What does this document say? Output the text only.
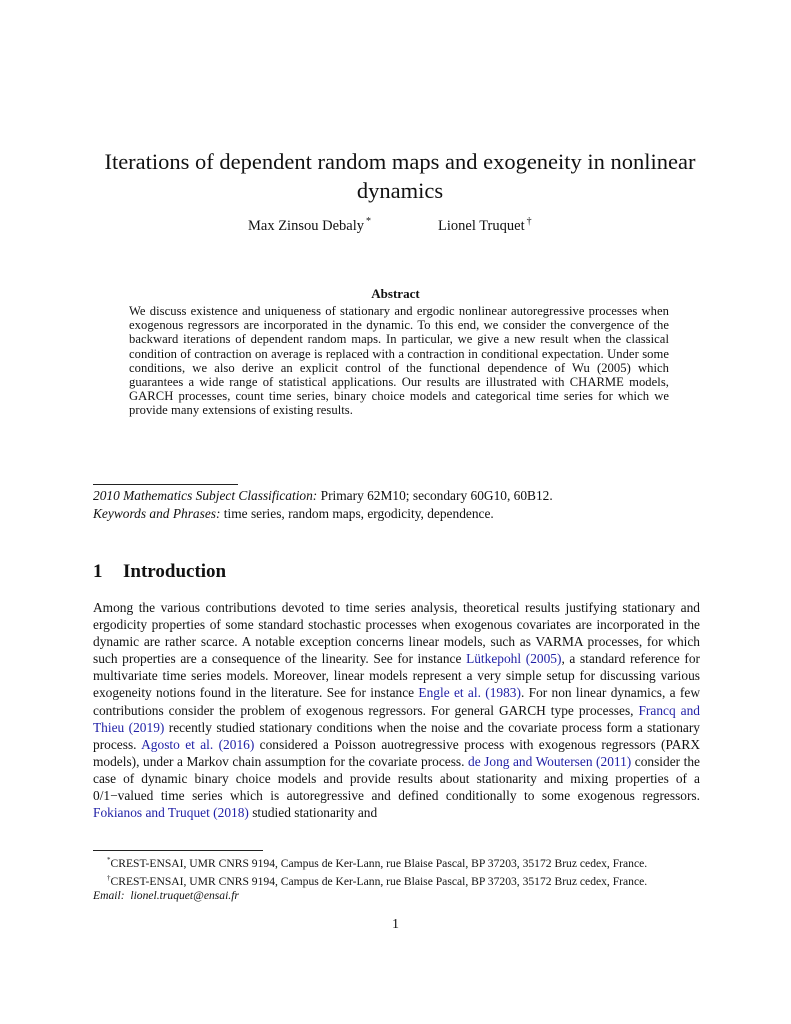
Iterations of dependent random maps and exogeneity in nonlinear dynamics
Max Zinsou Debaly *	Lionel Truquet †
Abstract
We discuss existence and uniqueness of stationary and ergodic nonlinear autoregressive processes when exogenous regressors are incorporated in the dynamic. To this end, we consider the convergence of the backward iterations of dependent random maps. In particular, we give a new result when the classical condition of contraction on average is replaced with a contraction in conditional expectation. Under some conditions, we also derive an explicit control of the functional dependence of Wu (2005) which guarantees a wide range of statistical applications. Our results are illustrated with CHARME models, GARCH processes, count time series, binary choice models and categorical time series for which we provide many extensions of existing results.
2010 Mathematics Subject Classification: Primary 62M10; secondary 60G10, 60B12.
Keywords and Phrases: time series, random maps, ergodicity, dependence.
1 Introduction
Among the various contributions devoted to time series analysis, theoretical results justifying stationary and ergodicity properties of some standard stochastic processes when exogenous covariates are incorporated in the dynamic are rather scarce. A notable exception concerns linear models, such as VARMA processes, for which such properties are a consequence of the linearity. See for instance Lütkepohl (2005), a standard reference for multivariate time series models. Moreover, linear models represent a very simple setup for discussing various exogeneity notions found in the literature. See for instance Engle et al. (1983). For non linear dynamics, a few contributions consider the problem of exogenous regressors. For general GARCH type processes, Francq and Thieu (2019) recently studied stationary conditions when the noise and the covariate process form a stationary process. Agosto et al. (2016) considered a Poisson auotregressive process with exogenous regressors (PARX models), under a Markov chain assumption for the covariate process. de Jong and Woutersen (2011) consider the case of dynamic binary choice models and provide results about stationarity and mixing properties of a 0/1−valued time series which is autoregressive and defined conditionally to some exogenous regressors. Fokianos and Truquet (2018) studied stationarity and
*CREST-ENSAI, UMR CNRS 9194, Campus de Ker-Lann, rue Blaise Pascal, BP 37203, 35172 Bruz cedex, France.
†CREST-ENSAI, UMR CNRS 9194, Campus de Ker-Lann, rue Blaise Pascal, BP 37203, 35172 Bruz cedex, France.
Email: lionel.truquet@ensai.fr
1
